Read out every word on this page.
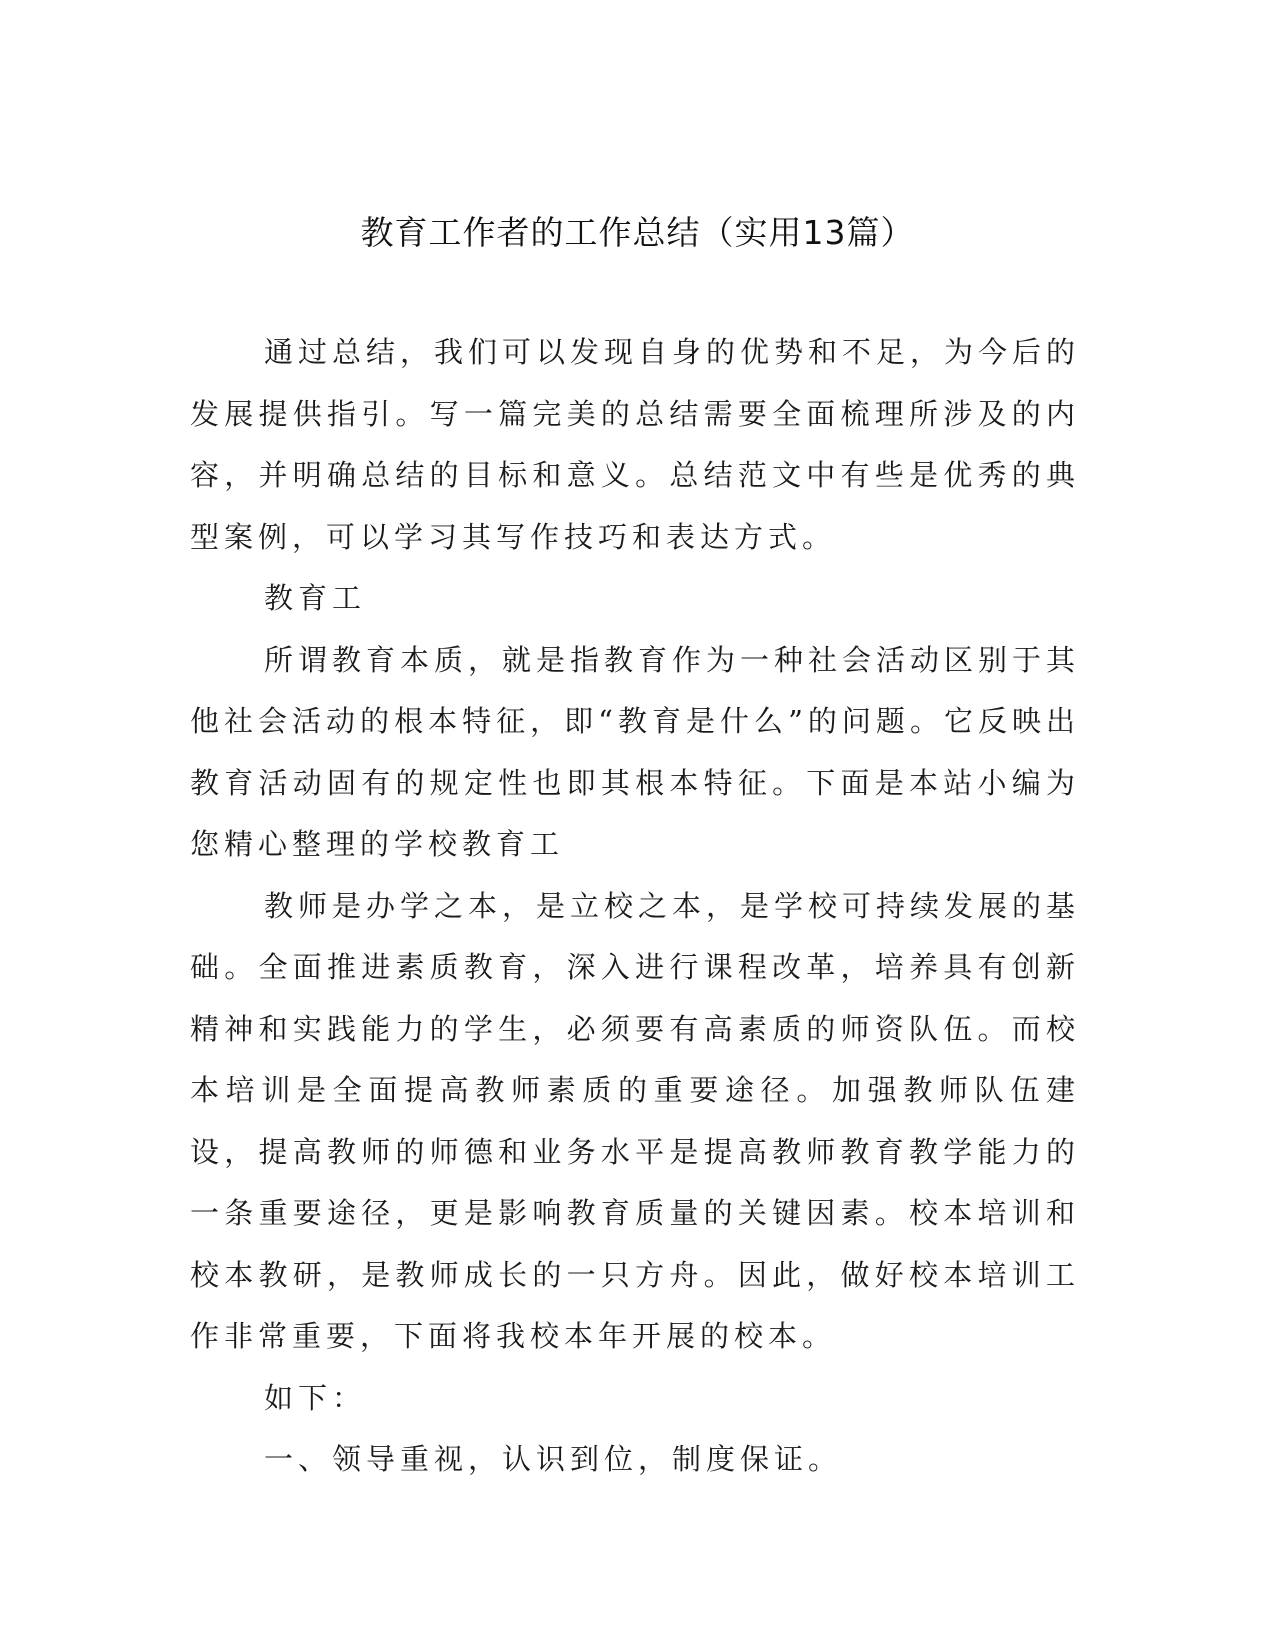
教育工作者的工作总结（实用13篇）

通过总结，我们可以发现自身的优势和不足，为今后的发展提供指引。写一篇完美的总结需要全面梳理所涉及的内容，并明确总结的目标和意义。总结范文中有些是优秀的典型案例，可以学习其写作技巧和表达方式。

教育工

所谓教育本质，就是指教育作为一种社会活动区别于其他社会活动的根本特征，即“教育是什么”的问题。它反映出教育活动固有的规定性也即其根本特征。下面是本站小编为您精心整理的学校教育工

教师是办学之本，是立校之本，是学校可持续发展的基础。全面推进素质教育，深入进行课程改革，培养具有创新精神和实践能力的学生，必须要有高素质的师资队伍。而校本培训是全面提高教师素质的重要途径。加强教师队伍建设，提高教师的师德和业务水平是提高教师教育教学能力的一条重要途径，更是影响教育质量的关键因素。校本培训和校本教研，是教师成长的一只方舟。因此，做好校本培训工作非常重要，下面将我校本年开展的校本。

如下：

一、领导重视，认识到位，制度保证。
